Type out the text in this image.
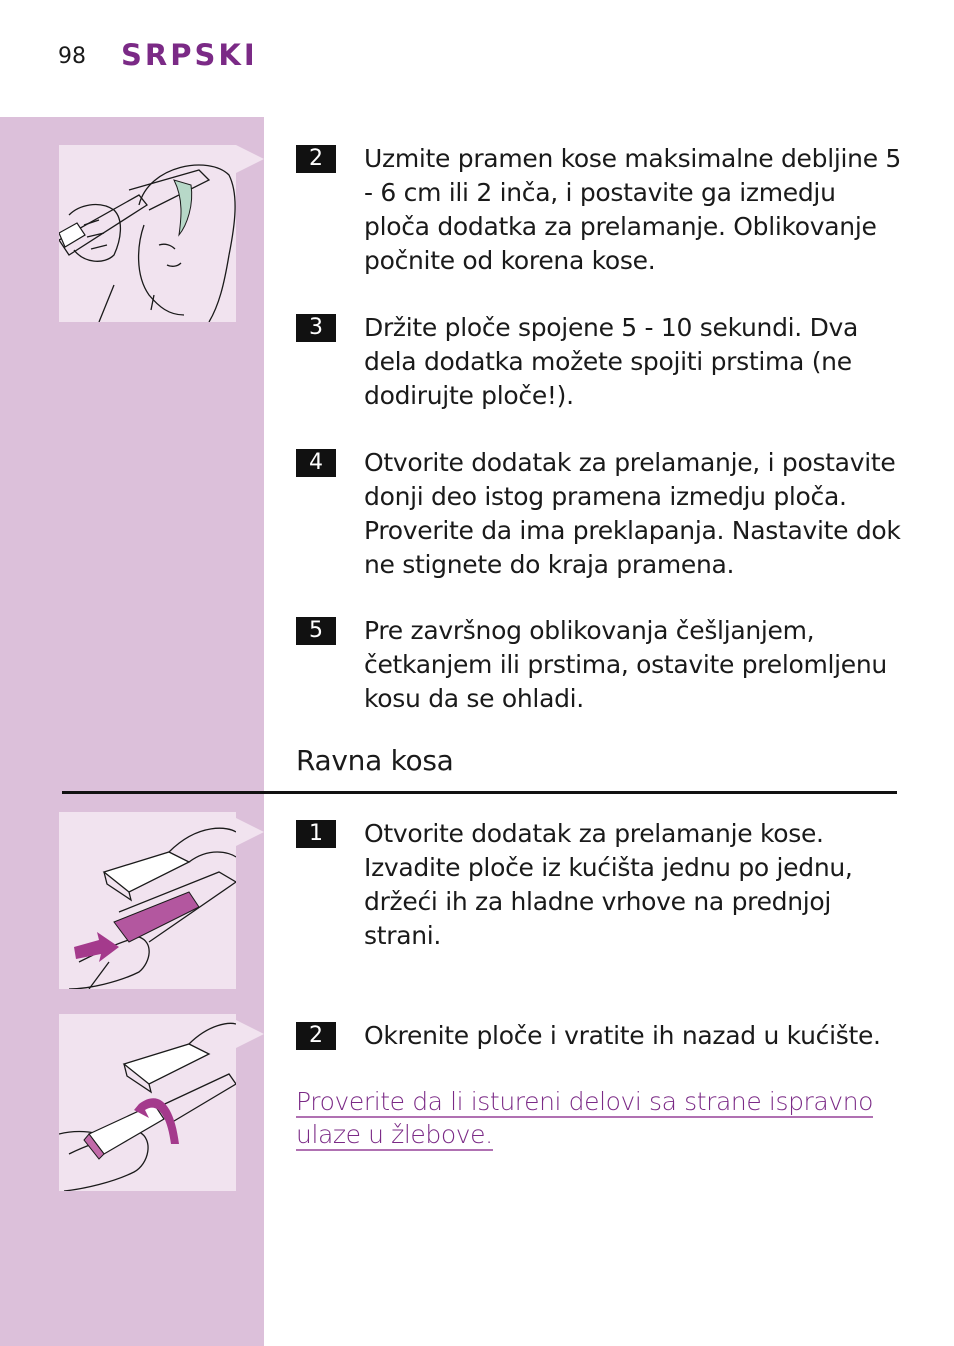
98 SRPSKI
2	Uzmite pramen kose maksimalne debljine 5 - 6 cm ili 2 inča, i postavite ga izmedju ploča dodatka za prelamanje. Oblikovanje počnite od korena kose.
3	Držite ploče spojene 5 - 10 sekundi. Dva dela dodatka možete spojiti prstima (ne dodirujte ploče!).
4	Otvorite dodatak za prelamanje, i postavite donji deo istog pramena izmedju ploča. Proverite da ima preklapanja. Nastavite dok ne stignete do kraja pramena.
5	Pre završnog oblikovanja češljanjem, četkanjem ili prstima, ostavite prelomljenu kosu da se ohladi.
Ravna kosa
1	Otvorite dodatak za prelamanje kose. Izvadite ploče iz kućišta jednu po jednu, držeći ih za hladne vrhove na prednjoj strani.
2	Okrenite ploče i vratite ih nazad u kućište.
Proverite da li istureni delovi sa strane ispravno ulaze u žlebove.
